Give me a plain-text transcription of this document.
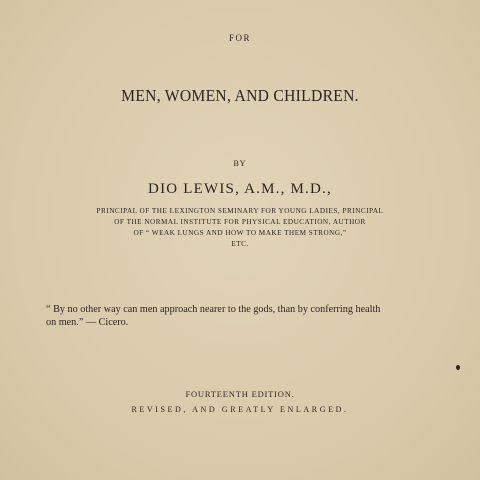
FOR
MEN, WOMEN, AND CHILDREN.
BY
DIO LEWIS, A.M., M.D.,
PRINCIPAL OF THE LEXINGTON SEMINARY FOR YOUNG LADIES, PRINCIPAL
OF THE NORMAL INSTITUTE FOR PHYSICAL EDUCATION, AUTHOR
OF “ WEAK LUNGS AND HOW TO MAKE THEM STRONG,”
ETC.
“ By no other way can men approach nearer to the gods, than by conferring health
on men.” — Cicero.
FOURTEENTH EDITION.
REVISED, AND GREATLY ENLARGED.
